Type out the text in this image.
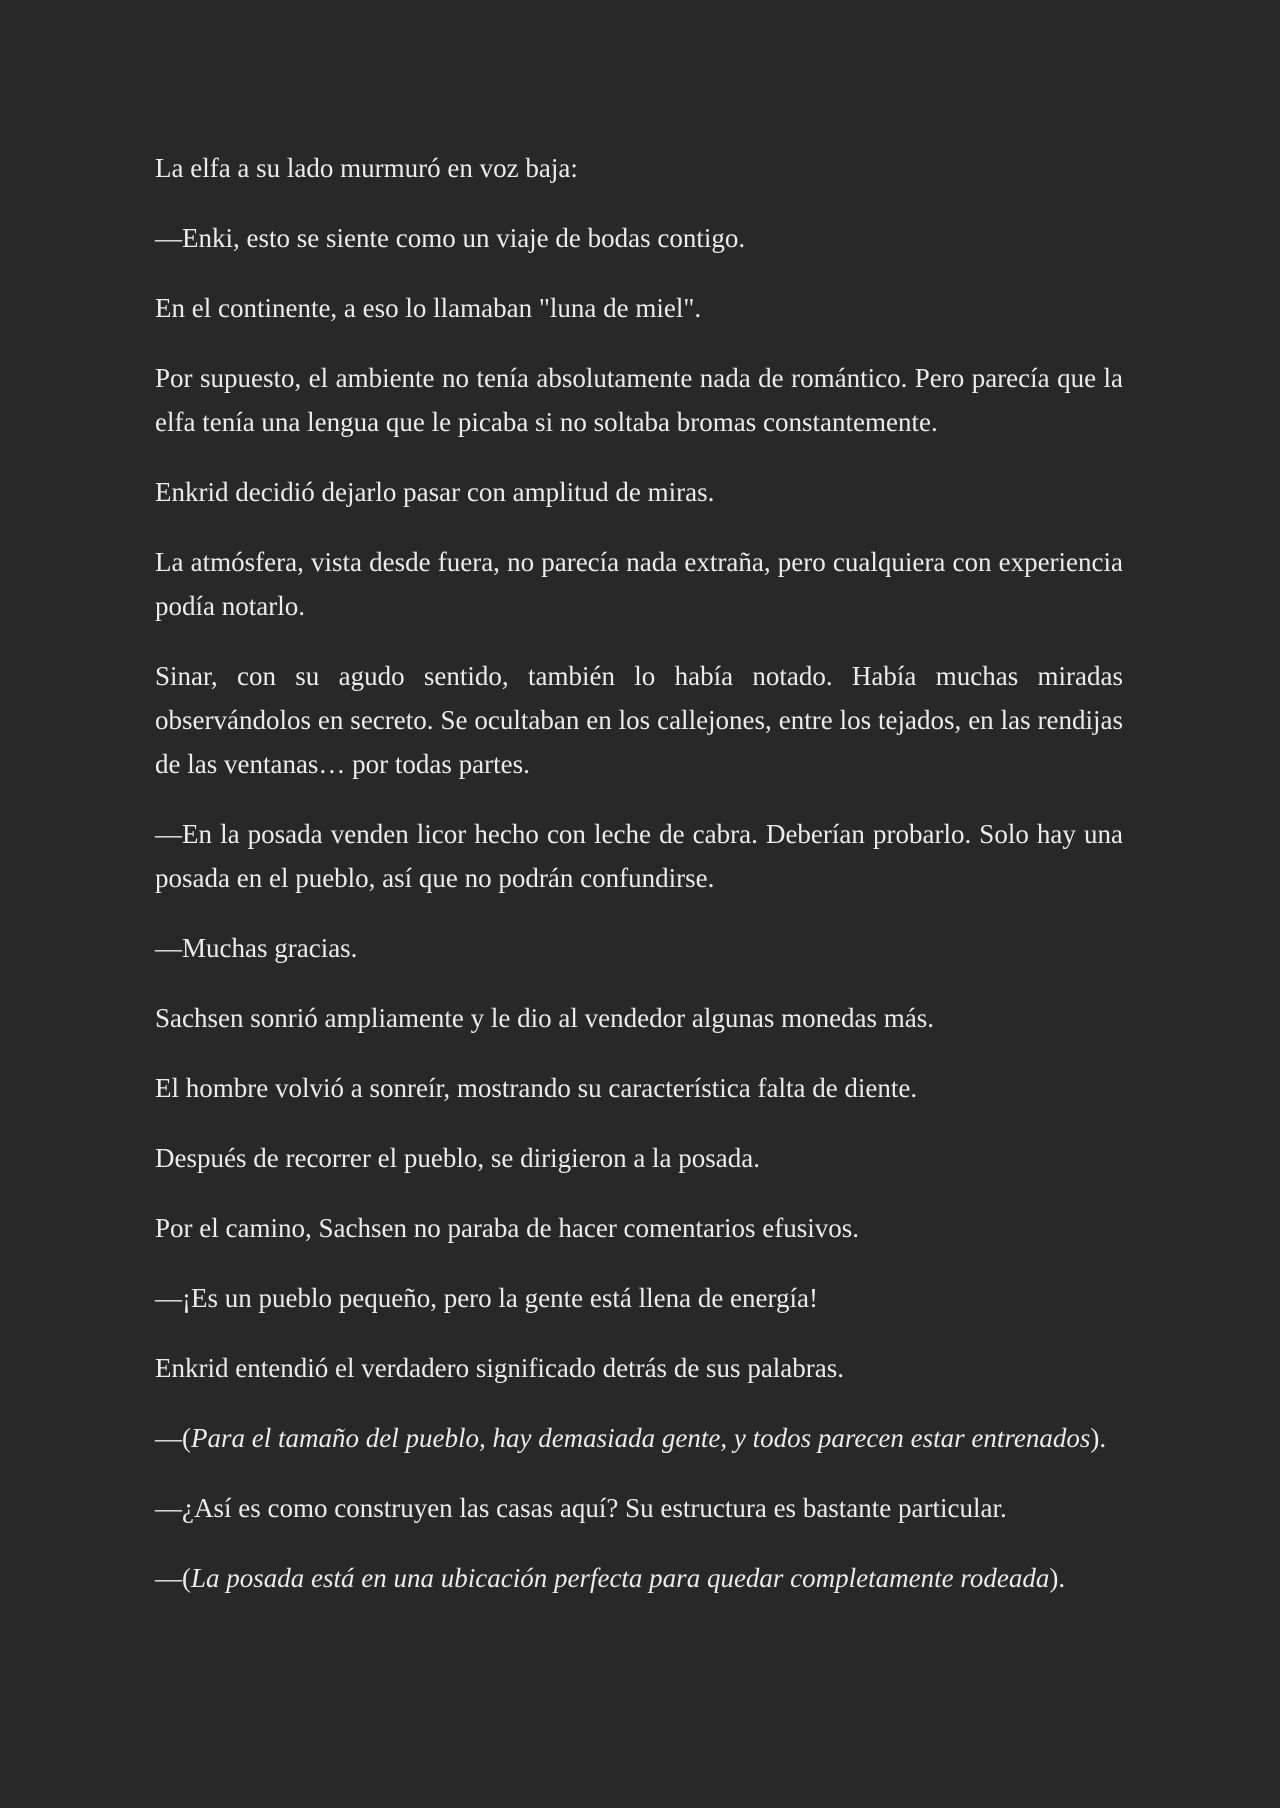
La elfa a su lado murmuró en voz baja:

—Enki, esto se siente como un viaje de bodas contigo.

En el continente, a eso lo llamaban "luna de miel".

Por supuesto, el ambiente no tenía absolutamente nada de romántico. Pero parecía que la elfa tenía una lengua que le picaba si no soltaba bromas constantemente.

Enkrid decidió dejarlo pasar con amplitud de miras.

La atmósfera, vista desde fuera, no parecía nada extraña, pero cualquiera con experiencia podía notarlo.

Sinar, con su agudo sentido, también lo había notado. Había muchas miradas observándolos en secreto. Se ocultaban en los callejones, entre los tejados, en las rendijas de las ventanas… por todas partes.

—En la posada venden licor hecho con leche de cabra. Deberían probarlo. Solo hay una posada en el pueblo, así que no podrán confundirse.

—Muchas gracias.

Sachsen sonrió ampliamente y le dio al vendedor algunas monedas más.

El hombre volvió a sonreír, mostrando su característica falta de diente.

Después de recorrer el pueblo, se dirigieron a la posada.

Por el camino, Sachsen no paraba de hacer comentarios efusivos.

—¡Es un pueblo pequeño, pero la gente está llena de energía!

Enkrid entendió el verdadero significado detrás de sus palabras.

—(Para el tamaño del pueblo, hay demasiada gente, y todos parecen estar entrenados).

—¿Así es como construyen las casas aquí? Su estructura es bastante particular.

—(La posada está en una ubicación perfecta para quedar completamente rodeada).
